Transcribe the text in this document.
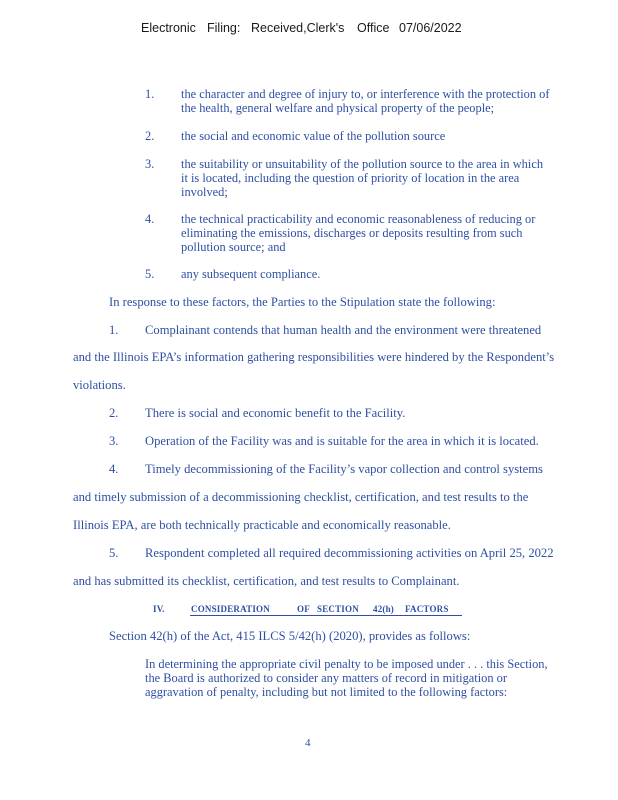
Electronic Filing: Received,Clerk's Office 07/06/2022
1.	the character and degree of injury to, or interference with the protection of
the health, general welfare and physical property of the people;
2.	the social and economic value of the pollution source
3.	the suitability or unsuitability of the pollution source to the area in which
it is located, including the question of priority of location in the area
involved;
4.	the technical practicability and economic reasonableness of reducing or
eliminating the emissions, discharges or deposits resulting from such
pollution source; and
5.	any subsequent compliance.
In response to these factors, the Parties to the Stipulation state the following:
1. Complainant contends that human health and the environment were threatened
and the Illinois EPA’s information gathering responsibilities were hindered by the Respondent’s
violations.
2. There is social and economic benefit to the Facility.
3. Operation of the Facility was and is suitable for the area in which it is located.
4. Timely decommissioning of the Facility’s vapor collection and control systems
and timely submission of a decommissioning checklist, certification, and test results to the
Illinois EPA, are both technically practicable and economically reasonable.
5. Respondent completed all required decommissioning activities on April 25, 2022
and has submitted its checklist, certification, and test results to Complainant.
IV.	CONSIDERATION	OF SECTION 42(h) FACTORS
Section 42(h) of the Act, 415 ILCS 5/42(h) (2020), provides as follows:
In determining the appropriate civil penalty to be imposed under . . . this Section,
the Board is authorized to consider any matters of record in mitigation or
aggravation of penalty, including but not limited to the following factors:
4
